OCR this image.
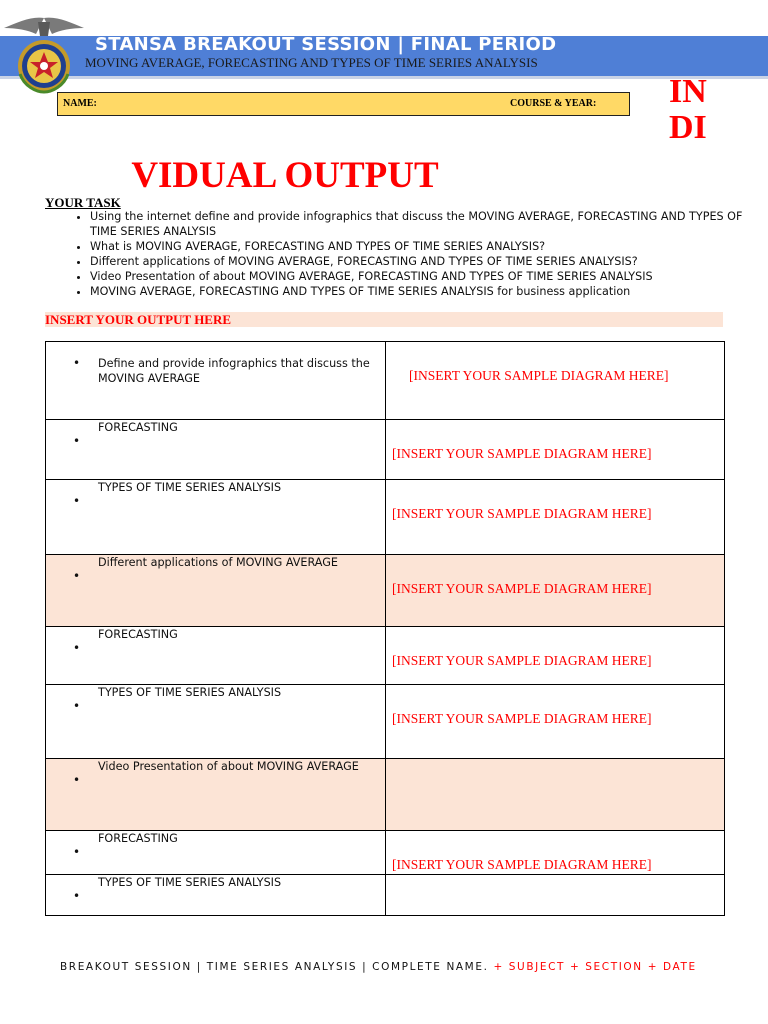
STANSA BREAKOUT SESSION | FINAL PERIOD
MOVING AVERAGE, FORECASTING AND TYPES OF TIME SERIES ANALYSIS
NAME:	COURSE & YEAR: IN
DI
VIDUAL OUTPUT
YOUR TASK
• Using the internet define and provide infographics that discuss the MOVING AVERAGE, FORECASTING AND TYPES OF TIME SERIES ANALYSIS
• What is MOVING AVERAGE, FORECASTING AND TYPES OF TIME SERIES ANALYSIS?
• Different applications of MOVING AVERAGE, FORECASTING AND TYPES OF TIME SERIES ANALYSIS?
• Video Presentation of about MOVING AVERAGE, FORECASTING AND TYPES OF TIME SERIES ANALYSIS
• MOVING AVERAGE, FORECASTING AND TYPES OF TIME SERIES ANALYSIS for business application
INSERT YOUR OUTPUT HERE
• Define and provide infographics that discuss the MOVING AVERAGE	[INSERT YOUR SAMPLE DIAGRAM HERE]

• FORECASTING	[INSERT YOUR SAMPLE DIAGRAM HERE]

• TYPES OF TIME SERIES ANALYSIS	[INSERT YOUR SAMPLE DIAGRAM HERE]

• Different applications of MOVING AVERAGE	[INSERT YOUR SAMPLE DIAGRAM HERE]

• FORECASTING	[INSERT YOUR SAMPLE DIAGRAM HERE]

• TYPES OF TIME SERIES ANALYSIS	[INSERT YOUR SAMPLE DIAGRAM HERE]

• Video Presentation of about MOVING AVERAGE

• FORECASTING	[INSERT YOUR SAMPLE DIAGRAM HERE]

• TYPES OF TIME SERIES ANALYSIS

BREAKOUT SESSION | TIME SERIES ANALYSIS | COMPLETE NAME. + SUBJECT + SECTION + DATE
